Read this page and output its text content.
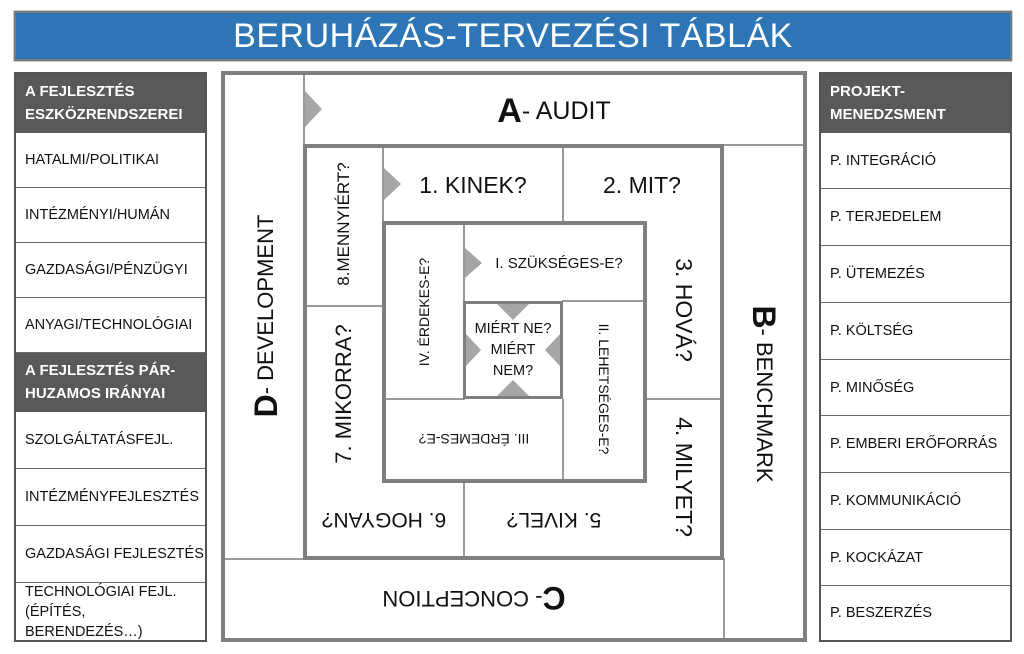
BERUHÁZÁS-TERVEZÉSI TÁBLÁK
A FEJLESZTÉS
ESZKÖZRENDSZEREI
HATALMI/POLITIKAI
INTÉZMÉNYI/HUMÁN
GAZDASÁGI/PÉNZÜGYI
ANYAGI/TECHNOLÓGIAI
A FEJLESZTÉS PÁR-
HUZAMOS IRÁNYAI
SZOLGÁLTATÁSFEJL.
INTÉZMÉNYFEJLESZTÉS
GAZDASÁGI FEJLESZTÉS
TECHNOLÓGIAI FEJL.
(ÉPÍTÉS, BERENDEZÉS…)
PROJEKT-
MENEDZSMENT
P. INTEGRÁCIÓ
P. TERJEDELEM
P. ÜTEMEZÉS
P. KÖLTSÉG
P. MINŐSÉG
P. EMBERI ERŐFORRÁS
P. KOMMUNIKÁCIÓ
P. KOCKÁZAT
P. BESZERZÉS
A - AUDIT
B
- BENCHMARK
C
- CONCEPTION
D
- DEVELOPMENT
1. KINEK?	2. MIT?
3. HOVÁ?
4. MILYET?
5. KIVEL?
6. HOGYAN?
7. MIKORRA?
8.MENNYIÉRT?	I. SZÜKSÉGES-E?
II. LEHETSÉGES-E?
III. ÉRDEMES-E?
IV. ÉRDEKES-E?	MIÉRT NE?
MIÉRT
NEM?
